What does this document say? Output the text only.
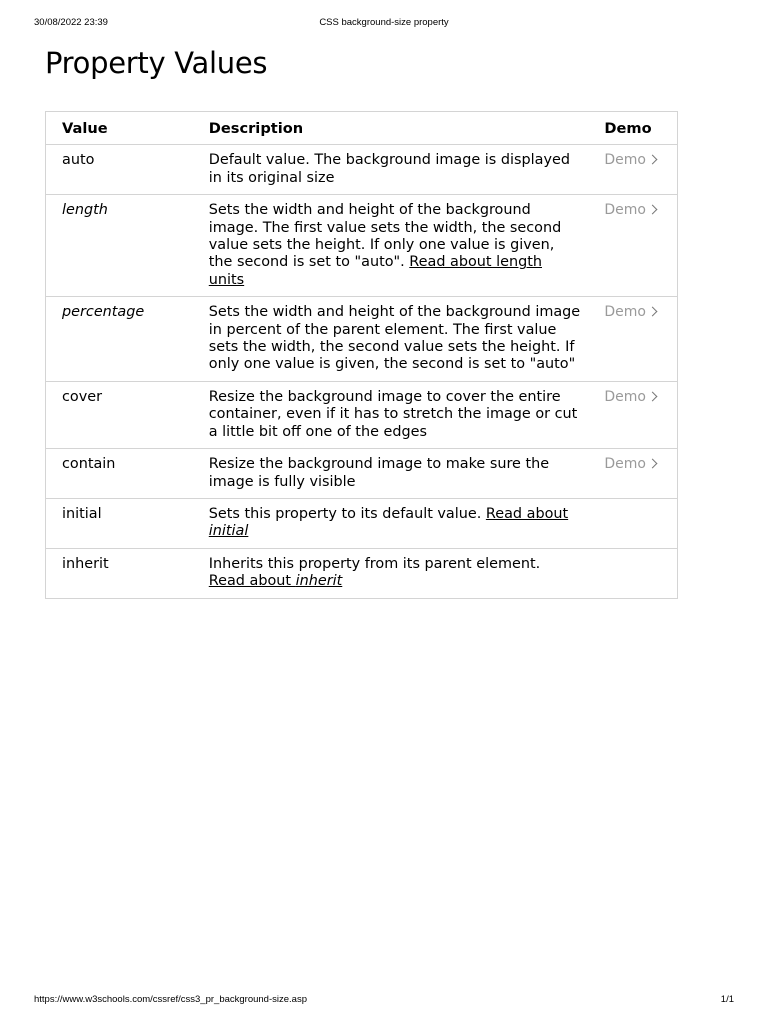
30/08/2022 23:39	CSS background-size property
Property Values
Value	Description	Demo
auto	Default value. The background image is displayed in its original size	Demo
length	Sets the width and height of the background image. The first value sets the width, the second value sets the height. If only one value is given, the second is set to "auto". Read about length units	Demo
percentage	Sets the width and height of the background image in percent of the parent element. The first value sets the width, the second value sets the height. If only one value is given, the second is set to "auto"	Demo
cover	Resize the background image to cover the entire container, even if it has to stretch the image or cut a little bit off one of the edges	Demo
contain	Resize the background image to make sure the image is fully visible	Demo
initial	Sets this property to its default value. Read about initial	
inherit	Inherits this property from its parent element. Read about inherit	
https://www.w3schools.com/cssref/css3_pr_background-size.asp	1/1
